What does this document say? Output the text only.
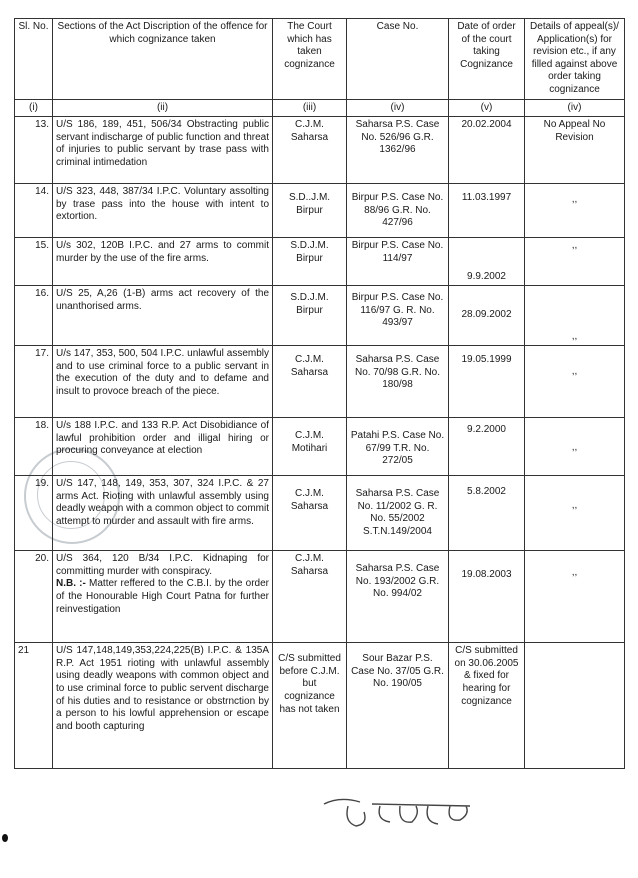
Sl. No.	Sections of the Act Discription of the offence for which cognizance taken	The Court which has taken cognizance	Case No.	Date of order of the court taking Cognizance	Details of appeal(s)/ Application(s) for revision etc., if any filled against above order taking cognizance
(i)	(ii)	(iii)	(iv)	(v)	(iv)
13.	U/S 186, 189, 451, 506/34 Obstracting public servant indischarge of public function and threat of injuries to public servant by trase pass with criminal intimedation	C.J.M. Saharsa	Saharsa P.S. Case No. 526/96 G.R. 1362/96	20.02.2004	No Appeal No Revision
14.	U/S 323, 448, 387/34 I.P.C. Voluntary assolting by trase pass into the house with intent to extortion.	S.D..J.M. Birpur	Birpur P.S. Case No. 88/96 G.R. No. 427/96	11.03.1997	,,
15.	U/s 302, 120B I.P.C. and 27 arms to commit murder by the use of the fire arms.	S.D.J.M. Birpur	Birpur P.S. Case No. 114/97	9.9.2002	,,
16.	U/S 25, A,26 (1-B) arms act recovery of the unanthorised arms.	S.D.J.M. Birpur	Birpur P.S. Case No. 116/97 G. R. No. 493/97	28.09.2002	,,
17.	U/s 147, 353, 500, 504 I.P.C. unlawful assembly and to use criminal force to a public servant in the execution of the duty and to defame and insult to provoce breach of the piece.	C.J.M. Saharsa	Saharsa P.S. Case No. 70/98 G.R. No. 180/98	19.05.1999	,,
18.	U/s 188 I.P.C. and 133 R.P. Act Disobidiance of lawful prohibition order and illigal hiring or procuring conveyance at election	C.J.M. Motihari	Patahi P.S. Case No. 67/99 T.R. No. 272/05	9.2.2000	,,
19.	U/S 147, 148, 149, 353, 307, 324 I.P.C. & 27 arms Act. Rioting with unlawful assembly using deadly weapon with a common object to commit attempt to murder and assault with fire arms.	C.J.M. Saharsa	Saharsa P.S. Case No. 11/2002 G. R. No. 55/2002 S.T.N.149/2004	5.8.2002	,,
20.	U/S 364, 120 B/34 I.P.C. Kidnaping for committing murder with conspiracy.
N.B. :- Matter reffered to the C.B.I. by the order of the Honourable High Court Patna for further reinvestigation	C.J.M. Saharsa	Saharsa P.S. Case No. 193/2002 G.R. No. 994/02	19.08.2003	,,
21	U/S 147,148,149,353,224,225(B) I.P.C. & 135A R.P. Act 1951 rioting with unlawful assembly using deadly weapons with common object and to use criminal force to public servent discharge of his duties and to resistance or obstrnction by a person to his lowful apprehension or escape and booth capturing	C/S submitted before C.J.M. but cognizance has not taken	Sour Bazar P.S. Case No. 37/05 G.R. No. 190/05	C/S submitted on 30.06.2005 & fixed for hearing for cognizance	
